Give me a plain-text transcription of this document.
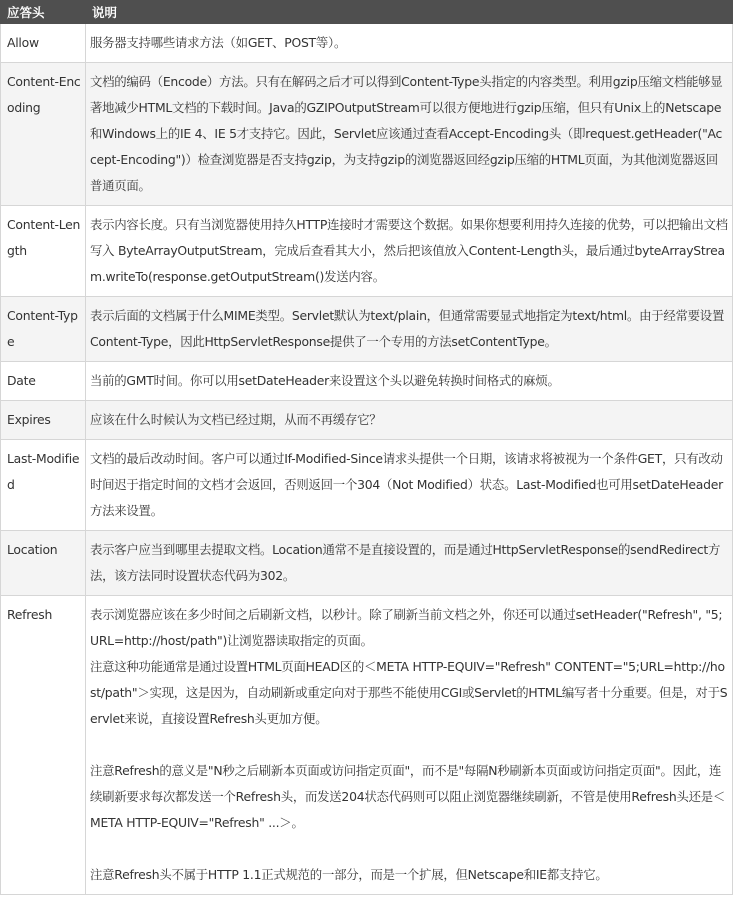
应答头	说明
Allow	服务器支持哪些请求方法（如GET、POST等）。

Content-Encoding	文档的编码（Encode）方法。只有在解码之后才可以得到Content-Type头指定的内容类型。利用gzip压缩文档能够显著地减少HTML文档的下载时间。Java的GZIPOutputStream可以很方便地进行gzip压缩，但只有Unix上的Netscape和Windows上的IE 4、IE 5才支持它。因此，Servlet应该通过查看Accept-Encoding头（即request.getHeader("Accept-Encoding")）检查浏览器是否支持gzip，为支持gzip的浏览器返回经gzip压缩的HTML页面，为其他浏览器返回普通页面。

Content-Length	表示内容长度。只有当浏览器使用持久HTTP连接时才需要这个数据。如果你想要利用持久连接的优势，可以把输出文档写入 ByteArrayOutputStream，完成后查看其大小，然后把该值放入Content-Length头，最后通过byteArrayStream.writeTo(response.getOutputStream()发送内容。

Content-Type	表示后面的文档属于什么MIME类型。Servlet默认为text/plain，但通常需要显式地指定为text/html。由于经常要设置Content-Type，因此HttpServletResponse提供了一个专用的方法setContentType。

Date	当前的GMT时间。你可以用setDateHeader来设置这个头以避免转换时间格式的麻烦。

Expires	应该在什么时候认为文档已经过期，从而不再缓存它？

Last-Modified	文档的最后改动时间。客户可以通过If-Modified-Since请求头提供一个日期，该请求将被视为一个条件GET，只有改动时间迟于指定时间的文档才会返回，否则返回一个304（Not Modified）状态。Last-Modified也可用setDateHeader方法来设置。

Location	表示客户应当到哪里去提取文档。Location通常不是直接设置的，而是通过HttpServletResponse的sendRedirect方法，该方法同时设置状态代码为302。

Refresh	表示浏览器应该在多少时间之后刷新文档，以秒计。除了刷新当前文档之外，你还可以通过setHeader("Refresh", "5; URL=http://host/path")让浏览器读取指定的页面。
注意这种功能通常是通过设置HTML页面HEAD区的＜META HTTP-EQUIV="Refresh" CONTENT="5;URL=http://host/path"＞实现，这是因为，自动刷新或重定向对于那些不能使用CGI或Servlet的HTML编写者十分重要。但是，对于Servlet来说，直接设置Refresh头更加方便。
注意Refresh的意义是"N秒之后刷新本页面或访问指定页面"，而不是"每隔N秒刷新本页面或访问指定页面"。因此，连续刷新要求每次都发送一个Refresh头，而发送204状态代码则可以阻止浏览器继续刷新，不管是使用Refresh头还是＜META HTTP-EQUIV="Refresh" ...＞。
注意Refresh头不属于HTTP 1.1正式规范的一部分，而是一个扩展，但Netscape和IE都支持它。
